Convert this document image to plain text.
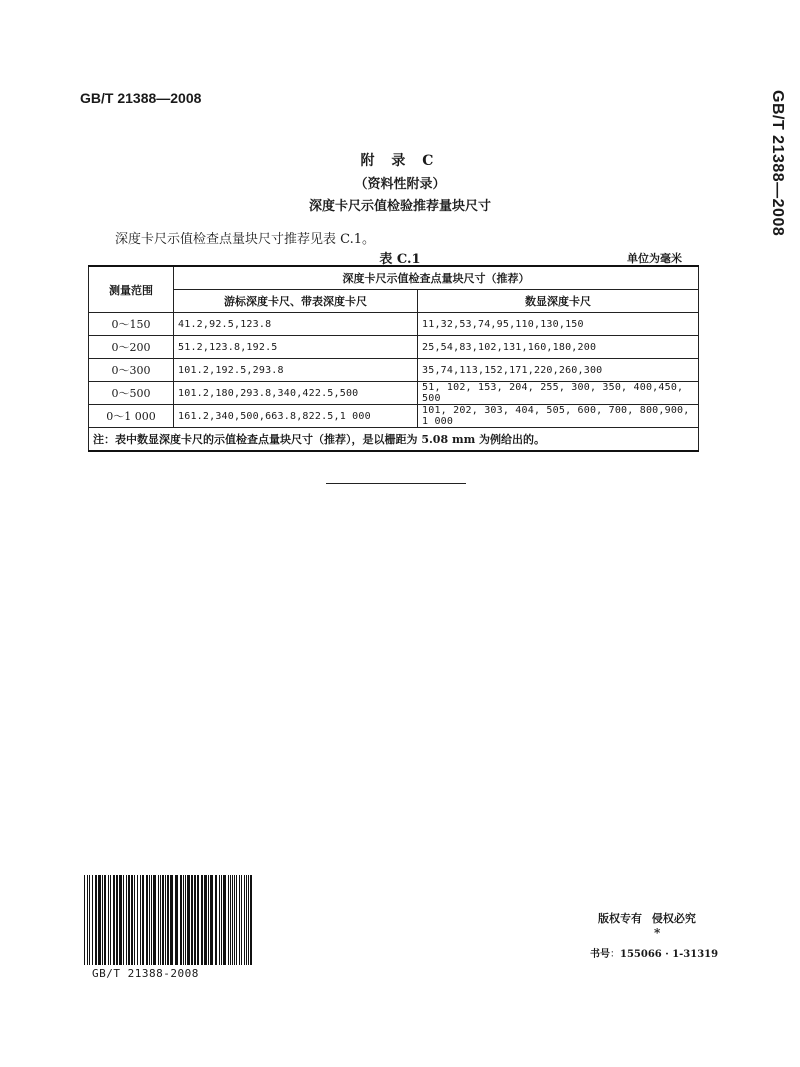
GB/T 21388—2008	GB/T 21388—2008
附 录 C
（资料性附录）
深度卡尺示值检验推荐量块尺寸
深度卡尺示值检查点量块尺寸推荐见表 C.1。
表 C.1	单位为毫米
测量范围	深度卡尺示值检查点量块尺寸（推荐）	
	游标深度卡尺、带表深度卡尺	数显深度卡尺
0～150	41.2,92.5,123.8	11,32,53,74,95,110,130,150
0～200	51.2,123.8,192.5	25,54,83,102,131,160,180,200
0～300	101.2,192.5,293.8	35,74,113,152,171,220,260,300
0～500	101.2,180,293.8,340,422.5,500	51, 102, 153, 204, 255, 300, 350, 400,450, 500
0～1 000	161.2,340,500,663.8,822.5,1 000	101, 202, 303, 404, 505, 600, 700, 800,900, 1 000
注：表中数显深度卡尺的示值检查点量块尺寸（推荐），是以栅距为 5.08 mm 为例给出的。		
GB/T 21388-2008
版权专有 侵权必究
*
书号：155066 · 1-31319
